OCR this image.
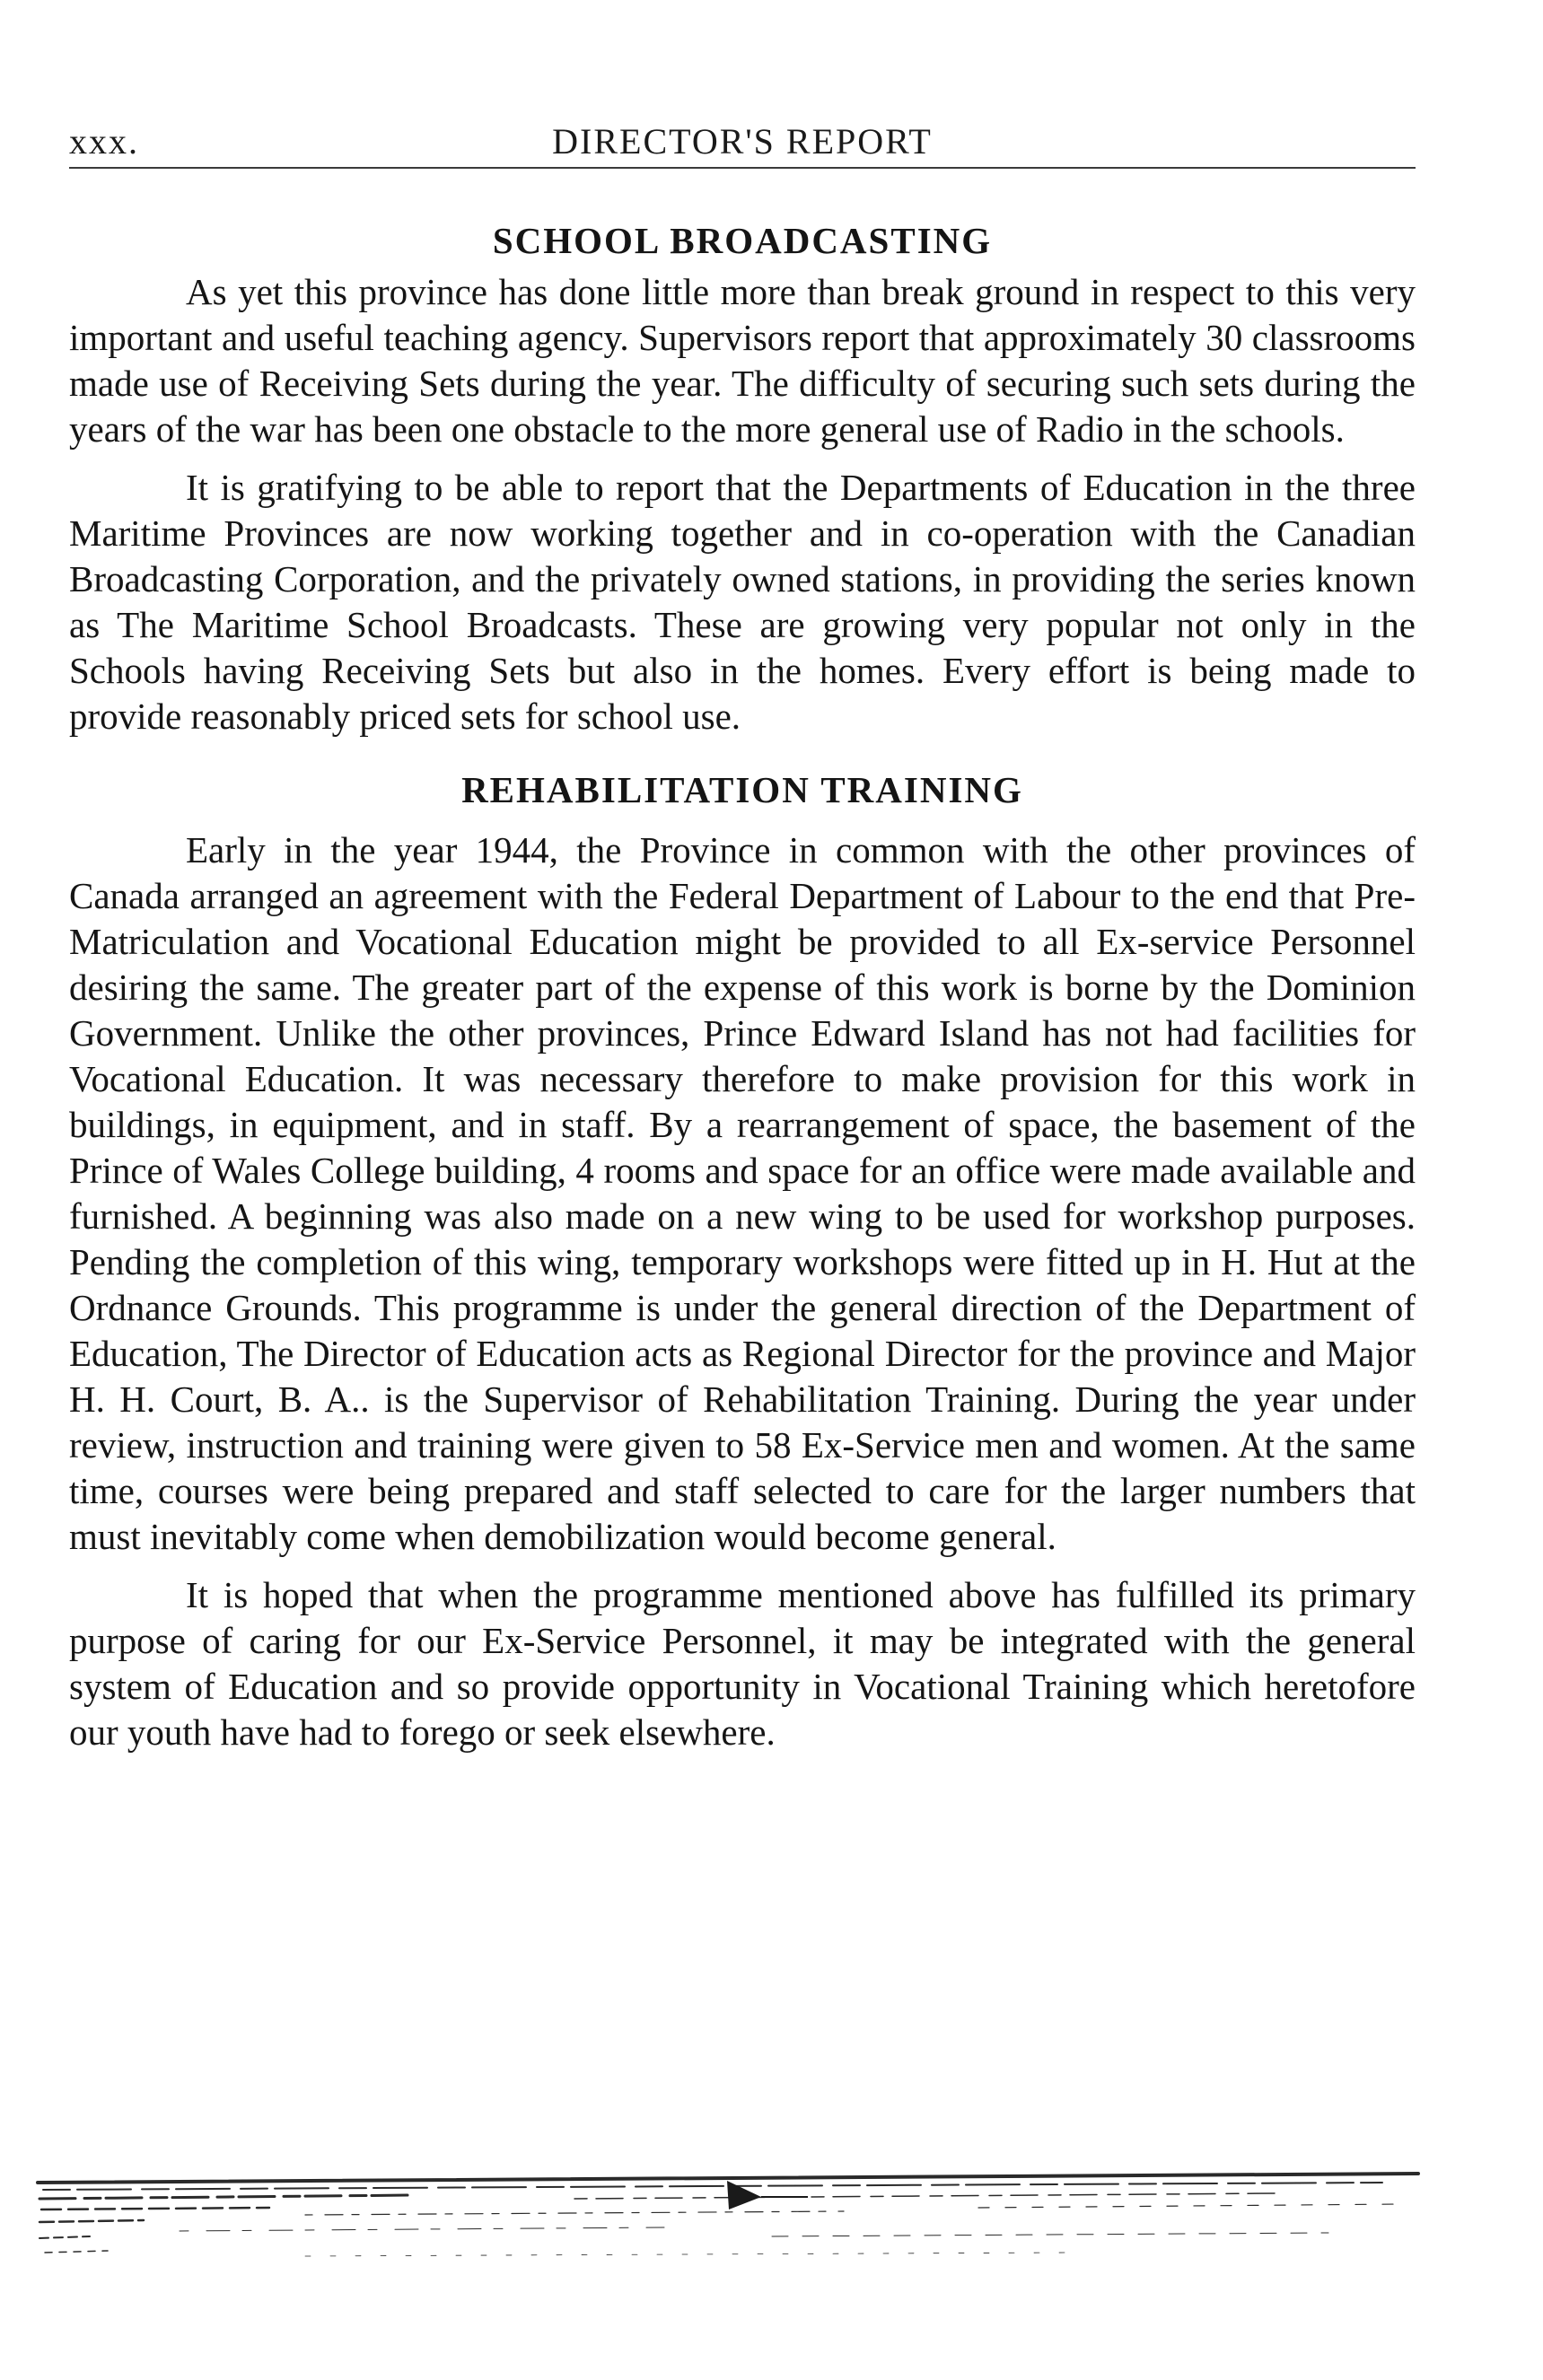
xxx.	DIRECTOR'S REPORT
SCHOOL BROADCASTING

As yet this province has done little more than break ground in respect to this very important and useful teaching agency. Supervisors report that approximately 30 classrooms made use of Receiving Sets during the year. The difficulty of securing such sets during the years of the war has been one obstacle to the more general use of Radio in the schools.

It is gratifying to be able to report that the Departments of Education in the three Maritime Provinces are now working together and in co-operation with the Canadian Broadcasting Corporation, and the privately owned stations, in providing the series known as The Maritime School Broadcasts. These are growing very popular not only in the Schools having Receiving Sets but also in the homes. Every effort is being made to provide reasonably priced sets for school use.

REHABILITATION TRAINING

Early in the year 1944, the Province in common with the other provinces of Canada arranged an agreement with the Federal Department of Labour to the end that Pre-Matriculation and Vocational Education might be provided to all Ex-service Personnel desiring the same. The greater part of the expense of this work is borne by the Dominion Government. Unlike the other provinces, Prince Edward Island has not had facilities for Vocational Education. It was necessary therefore to make provision for this work in buildings, in equipment, and in staff. By a rearrangement of space, the basement of the Prince of Wales College building, 4 rooms and space for an office were made available and furnished. A beginning was also made on a new wing to be used for workshop purposes. Pending the completion of this wing, temporary workshops were fitted up in H. Hut at the Ordnance Grounds. This programme is under the general direction of the Department of Education, The Director of Education acts as Regional Director for the province and Major H. H. Court, B. A.. is the Supervisor of Rehabilitation Training. During the year under review, instruction and training were given to 58 Ex-Service men and women. At the same time, courses were being prepared and staff selected to care for the larger numbers that must inevitably come when demobilization would become general.

It is hoped that when the programme mentioned above has fulfilled its primary purpose of caring for our Ex-Service Personnel, it may be integrated with the general system of Education and so provide opportunity in Vocational Training which heretofore our youth have had to forego or seek elsewhere.
